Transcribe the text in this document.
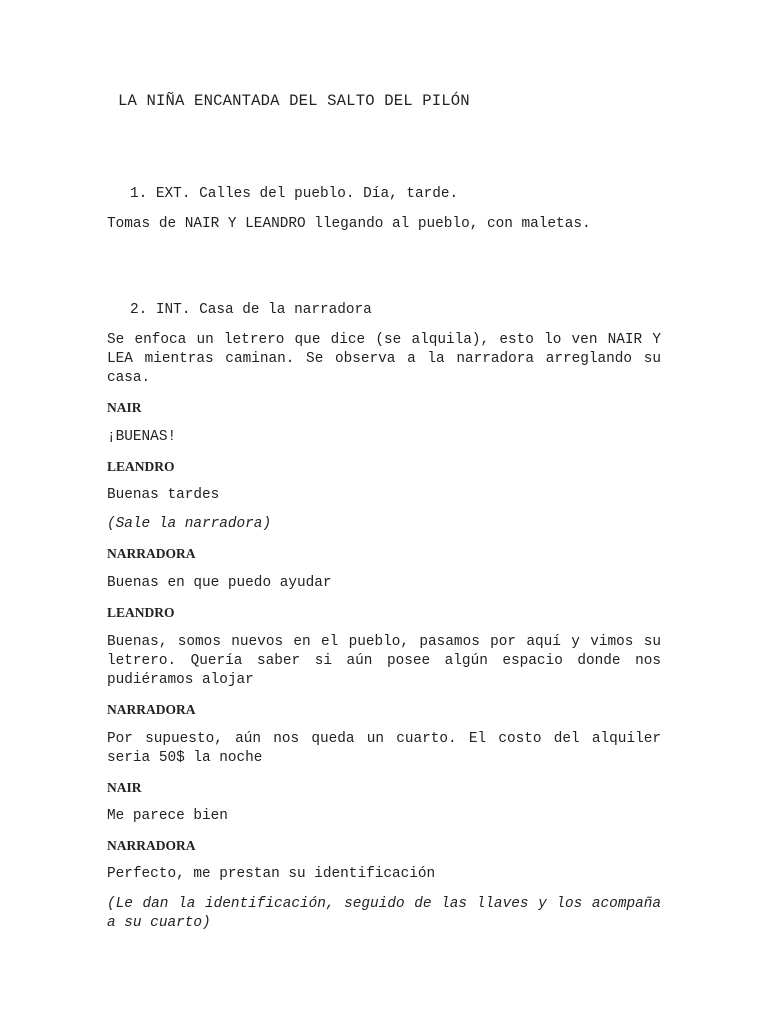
LA NIÑA ENCANTADA DEL SALTO DEL PILÓN
1. EXT. Calles del pueblo. Día, tarde.
Tomas de NAIR Y LEANDRO llegando al pueblo, con maletas.
2. INT. Casa de la narradora
Se enfoca un letrero que dice (se alquila), esto lo ven NAIR Y LEA mientras caminan. Se observa a la narradora arreglando su casa.
NAIR
¡BUENAS!
LEANDRO
Buenas tardes
(Sale la narradora)
NARRADORA
Buenas en que puedo ayudar
LEANDRO
Buenas, somos nuevos en el pueblo, pasamos por aquí y vimos su letrero. Quería saber si aún posee algún espacio donde nos pudiéramos alojar
NARRADORA
Por supuesto, aún nos queda un cuarto. El costo del alquiler seria 50$ la noche
NAIR
Me parece bien
NARRADORA
Perfecto, me prestan su identificación
(Le dan la identificación, seguido de las llaves y los acompaña a su cuarto)
